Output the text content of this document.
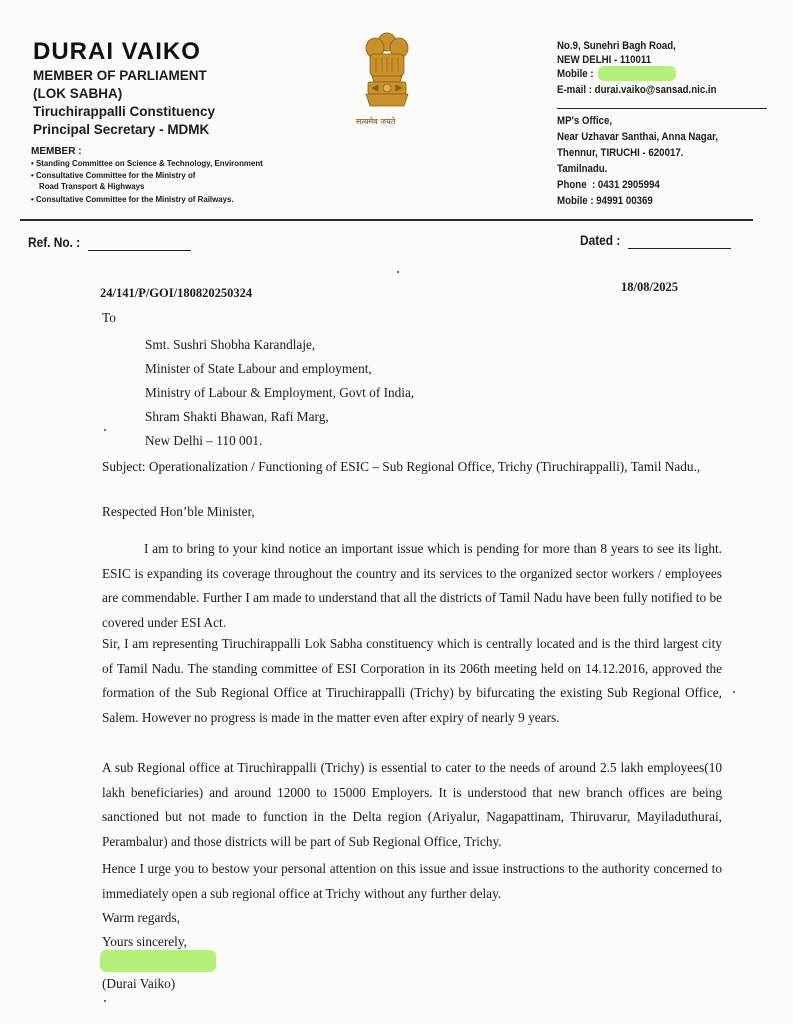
DURAI VAIKO
MEMBER OF PARLIAMENT
(LOK SABHA)
Tiruchirappalli Constituency
Principal Secretary - MDMK
MEMBER :
• Standing Committee on Science & Technology, Environment
• Consultative Committee for the Ministry of
Road Transport & Highways
• Consultative Committee for the Ministry of Railways.
सत्यमेव जयते
No.9, Sunehri Bagh Road,
NEW DELHI - 110011
Mobile :
E-mail : durai.vaiko@sansad.nic.in
MP's Office,
Near Uzhavar Santhai, Anna Nagar,
Thennur, TIRUCHI - 620017.
Tamilnadu.
Phone  : 0431 2905994
Mobile : 94991 00369
Ref. No. :	Dated :
24/141/P/GOI/180820250324	18/08/2025
To
Smt. Sushri Shobha Karandlaje,
Minister of State Labour and employment,
Ministry of Labour & Employment, Govt of India,
Shram Shakti Bhawan, Rafi Marg,
New Delhi – 110 001.

Subject: Operationalization / Functioning of ESIC – Sub Regional Office, Trichy (Tiruchirappalli), Tamil Nadu.,

Respected Hon’ble Minister,

I am to bring to your kind notice an important issue which is pending for more than 8 years to see its light. ESIC is expanding its coverage throughout the country and its services to the organized sector workers / employees are commendable. Further I am made to understand that all the districts of Tamil Nadu have been fully notified to be covered under ESI Act.

Sir, I am representing Tiruchirappalli Lok Sabha constituency which is centrally located and is the third largest city of Tamil Nadu. The standing committee of ESI Corporation in its 206th meeting held on 14.12.2016, approved the formation of the Sub Regional Office at Tiruchirappalli (Trichy) by bifurcating the existing Sub Regional Office, Salem. However no progress is made in the matter even after expiry of nearly 9 years.

A sub Regional office at Tiruchirappalli (Trichy) is essential to cater to the needs of around 2.5 lakh employees(10 lakh beneficiaries) and around 12000 to 15000 Employers. It is understood that new branch offices are being sanctioned but not made to function in the Delta region (Ariyalur, Nagapattinam, Thiruvarur, Mayiladuthurai, Perambalur) and those districts will be part of Sub Regional Office, Trichy.

Hence I urge you to bestow your personal attention on this issue and issue instructions to the authority concerned to immediately open a sub regional office at Trichy without any further delay.

Warm regards,
Yours sincerely,
(Durai Vaiko)
